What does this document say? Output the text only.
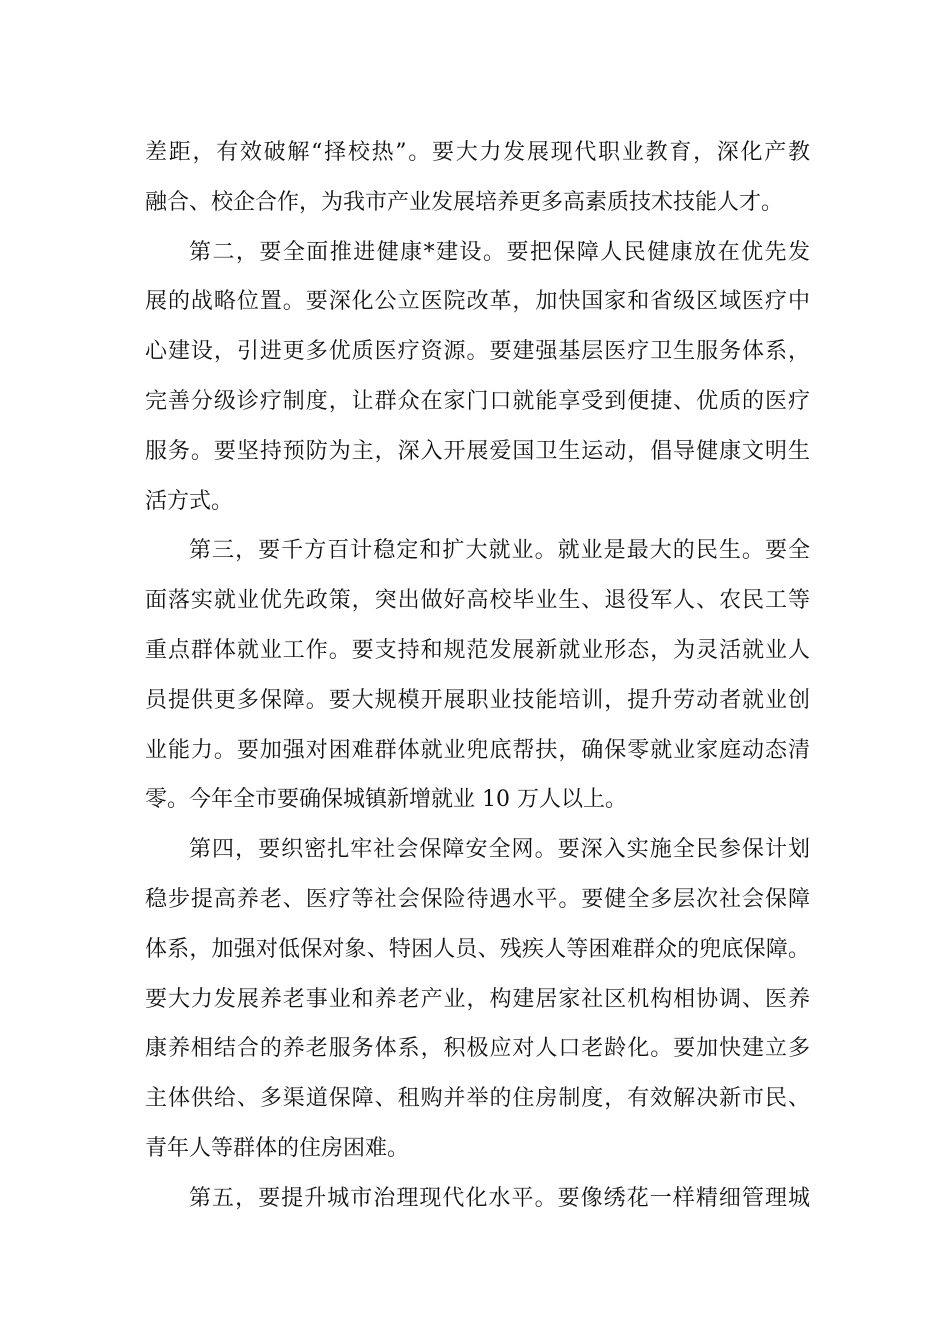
差距，有效破解“择校热”。要大力发展现代职业教育，深化产教
融合、校企合作，为我市产业发展培养更多高素质技术技能人才。
第二，要全面推进健康*建设。要把保障人民健康放在优先发
展的战略位置。要深化公立医院改革，加快国家和省级区域医疗中
心建设，引进更多优质医疗资源。要建强基层医疗卫生服务体系，
完善分级诊疗制度，让群众在家门口就能享受到便捷、优质的医疗
服务。要坚持预防为主，深入开展爱国卫生运动，倡导健康文明生
活方式。
第三，要千方百计稳定和扩大就业。就业是最大的民生。要全
面落实就业优先政策，突出做好高校毕业生、退役军人、农民工等
重点群体就业工作。要支持和规范发展新就业形态，为灵活就业人
员提供更多保障。要大规模开展职业技能培训，提升劳动者就业创
业能力。要加强对困难群体就业兜底帮扶，确保零就业家庭动态清
零。今年全市要确保城镇新增就业 10 万人以上。
第四，要织密扎牢社会保障安全网。要深入实施全民参保计划
稳步提高养老、医疗等社会保险待遇水平。要健全多层次社会保障
体系，加强对低保对象、特困人员、残疾人等困难群众的兜底保障。
要大力发展养老事业和养老产业，构建居家社区机构相协调、医养
康养相结合的养老服务体系，积极应对人口老龄化。要加快建立多
主体供给、多渠道保障、租购并举的住房制度，有效解决新市民、
青年人等群体的住房困难。
第五，要提升城市治理现代化水平。要像绣花一样精细管理城
